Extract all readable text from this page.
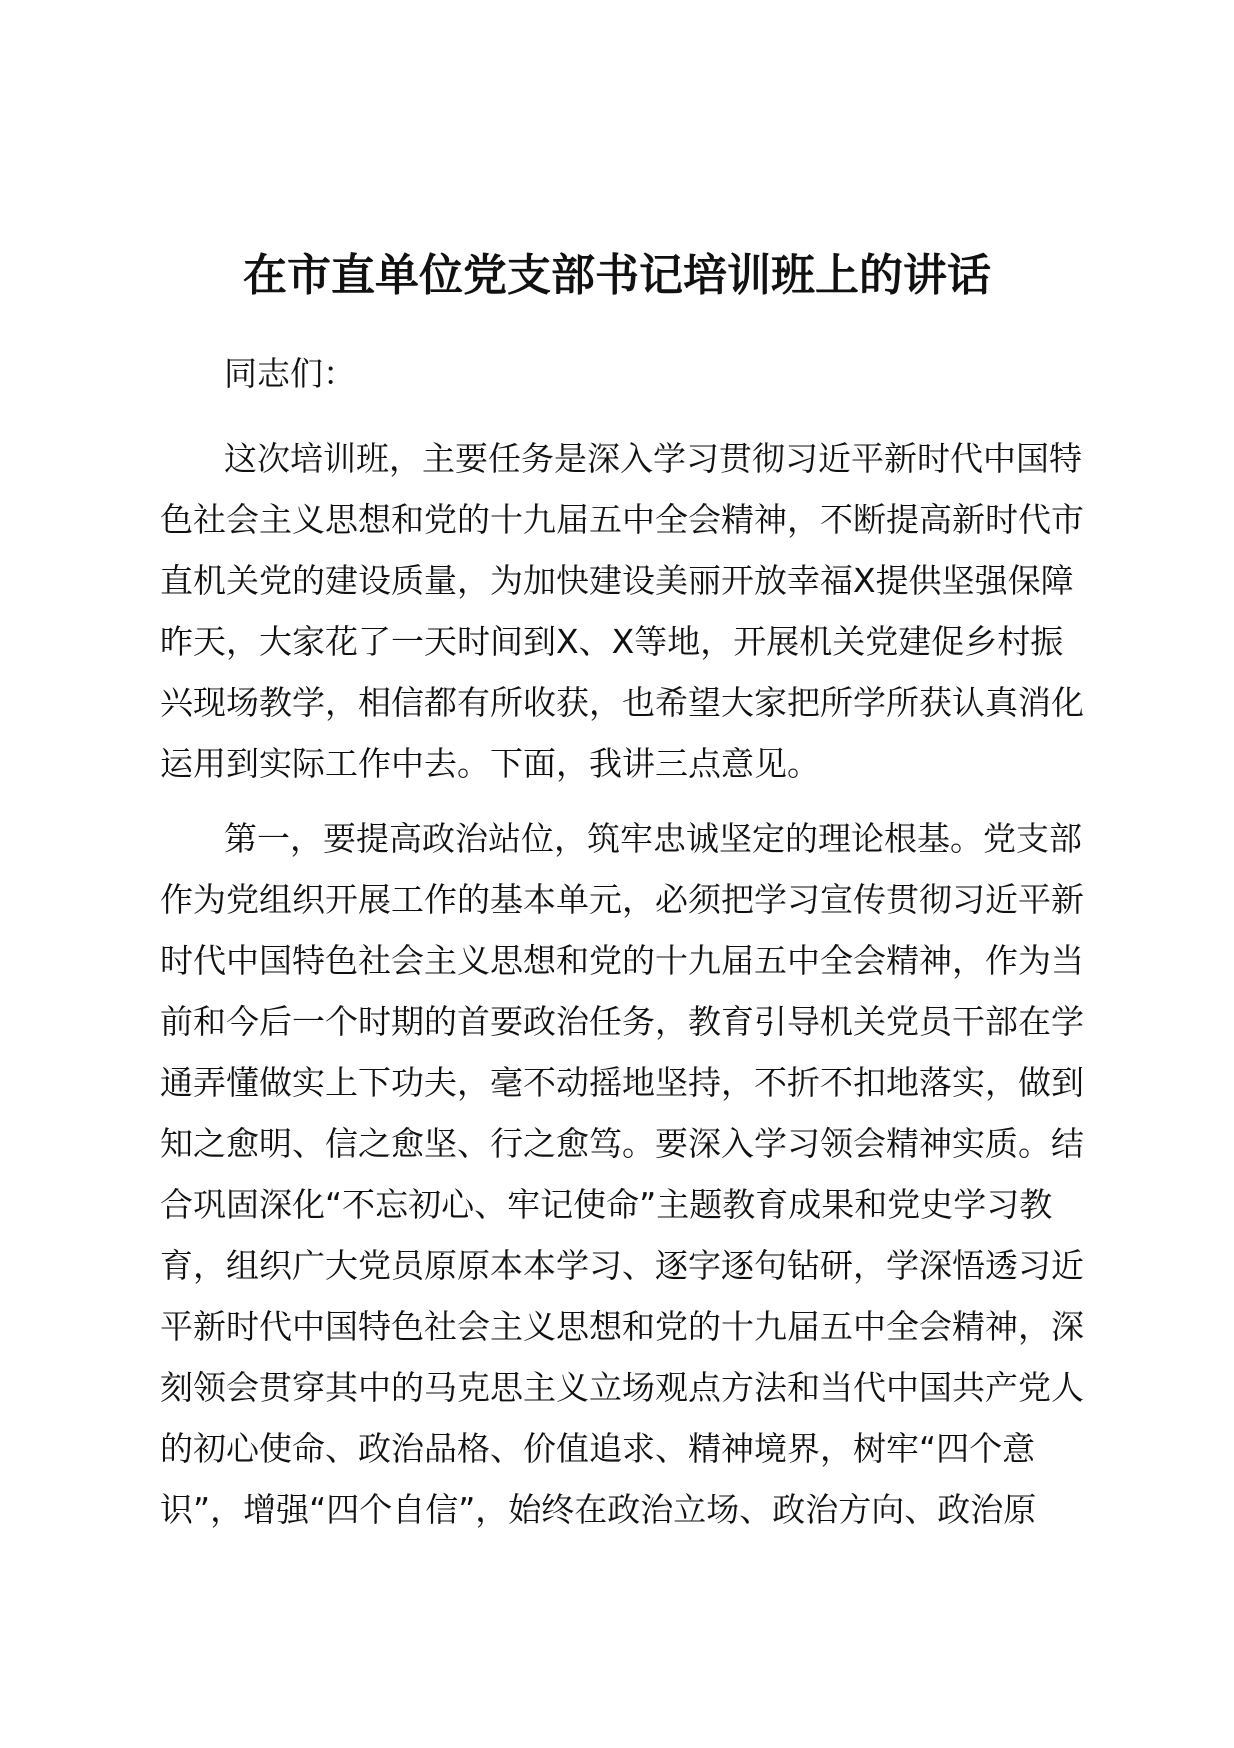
在市直单位党支部书记培训班上的讲话

同志们：

这次培训班，主要任务是深入学习贯彻习近平新时代中国特
色社会主义思想和党的十九届五中全会精神，不断提高新时代市
直机关党的建设质量，为加快建设美丽开放幸福X提供坚强保障
昨天，大家花了一天时间到X、X等地，开展机关党建促乡村振
兴现场教学，相信都有所收获，也希望大家把所学所获认真消化
运用到实际工作中去。下面，我讲三点意见。
第一，要提高政治站位，筑牢忠诚坚定的理论根基。党支部
作为党组织开展工作的基本单元，必须把学习宣传贯彻习近平新
时代中国特色社会主义思想和党的十九届五中全会精神，作为当
前和今后一个时期的首要政治任务，教育引导机关党员干部在学
通弄懂做实上下功夫，毫不动摇地坚持，不折不扣地落实，做到
知之愈明、信之愈坚、行之愈笃。要深入学习领会精神实质。结
合巩固深化“不忘初心、牢记使命”主题教育成果和党史学习教
育，组织广大党员原原本本学习、逐字逐句钻研，学深悟透习近
平新时代中国特色社会主义思想和党的十九届五中全会精神，深
刻领会贯穿其中的马克思主义立场观点方法和当代中国共产党人
的初心使命、政治品格、价值追求、精神境界，树牢“四个意
识”，增强“四个自信”，始终在政治立场、政治方向、政治原
